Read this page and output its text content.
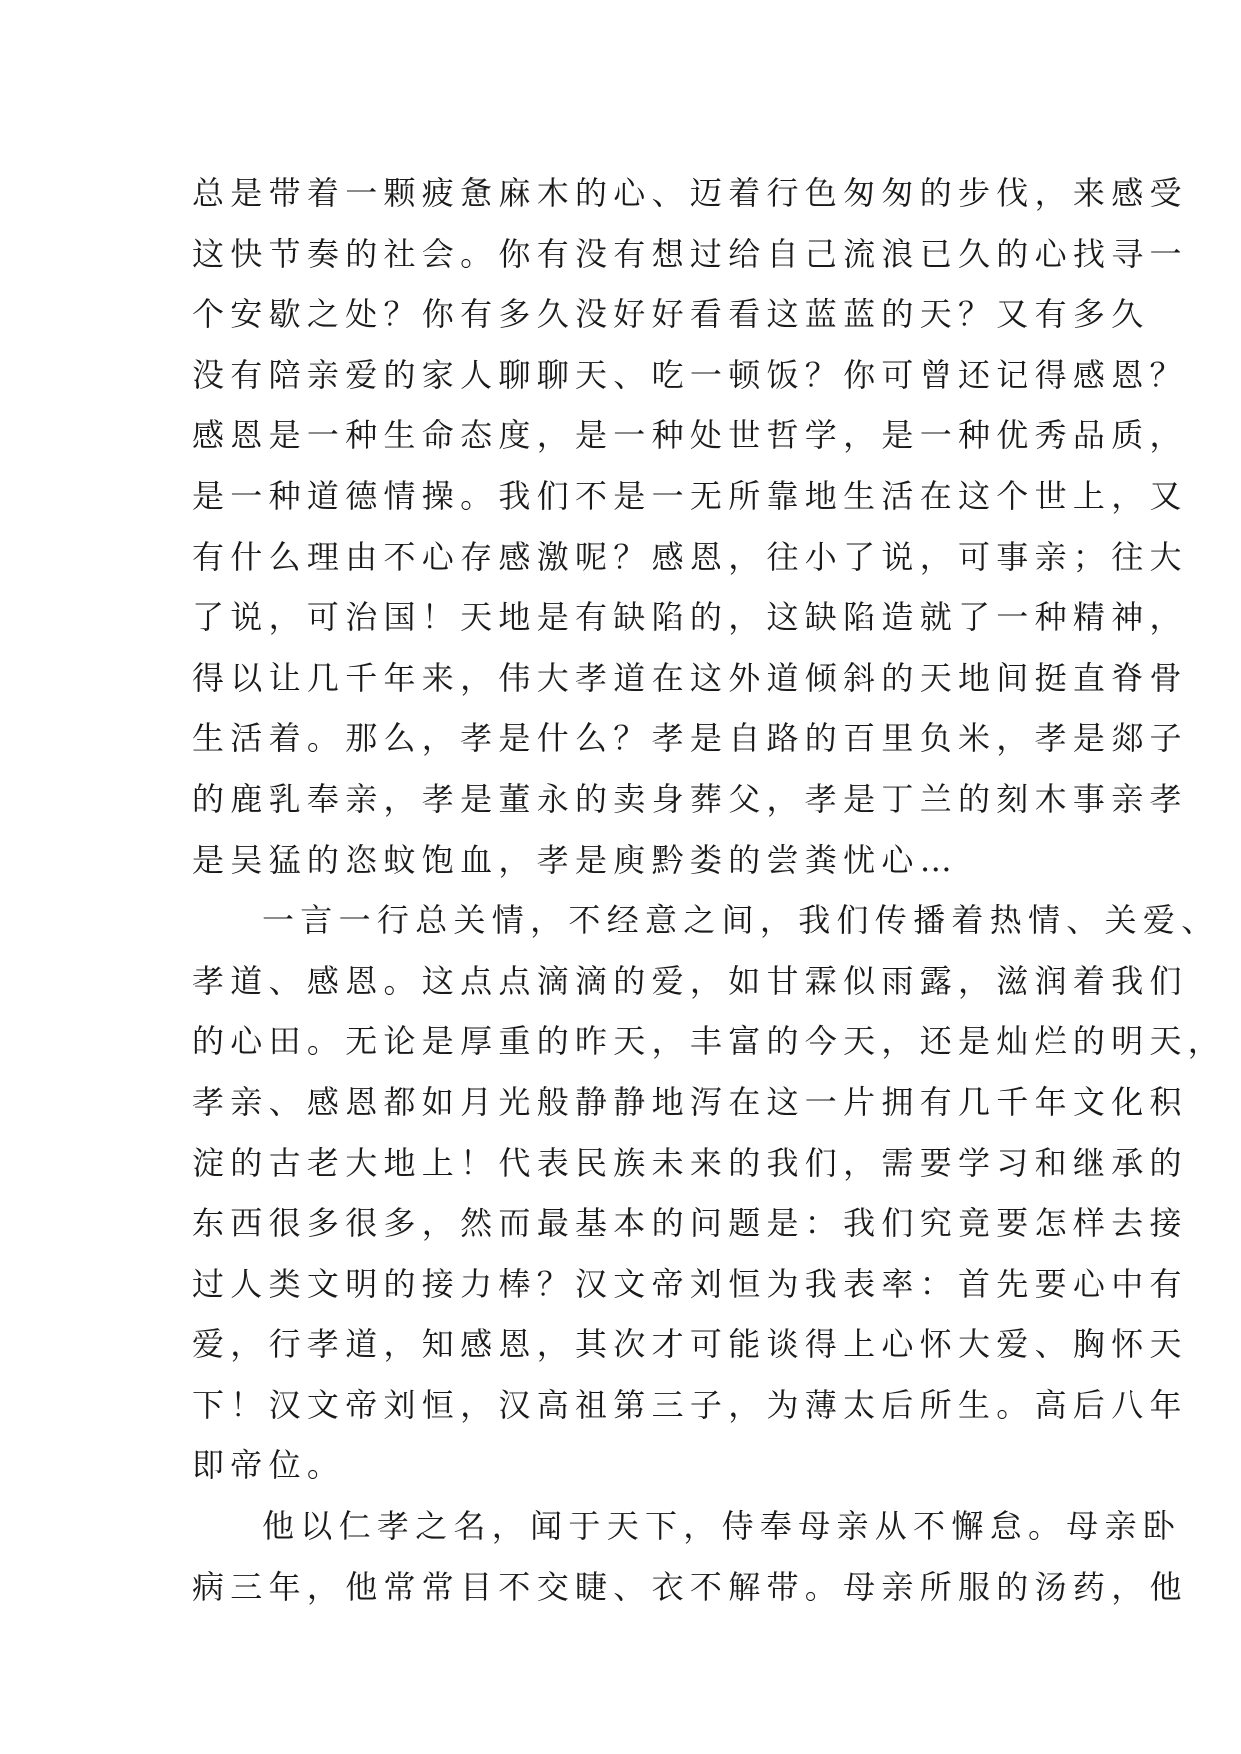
总是带着一颗疲惫麻木的心、迈着行色匆匆的步伐，来感受
这快节奏的社会。你有没有想过给自己流浪已久的心找寻一
个安歇之处？你有多久没好好看看这蓝蓝的天？又有多久
没有陪亲爱的家人聊聊天、吃一顿饭？你可曾还记得感恩？
感恩是一种生命态度，是一种处世哲学，是一种优秀品质，
是一种道德情操。我们不是一无所靠地生活在这个世上，又
有什么理由不心存感激呢？感恩，往小了说，可事亲；往大
了说，可治国！天地是有缺陷的，这缺陷造就了一种精神，
得以让几千年来，伟大孝道在这外道倾斜的天地间挺直脊骨
生活着。那么，孝是什么？孝是自路的百里负米，孝是郯子
的鹿乳奉亲，孝是董永的卖身葬父，孝是丁兰的刻木事亲孝
是吴猛的恣蚊饱血，孝是庾黔娄的尝粪忧心…
一言一行总关情，不经意之间，我们传播着热情、关爱、
孝道、感恩。这点点滴滴的爱，如甘霖似雨露，滋润着我们
的心田。无论是厚重的昨天，丰富的今天，还是灿烂的明天，
孝亲、感恩都如月光般静静地泻在这一片拥有几千年文化积
淀的古老大地上！代表民族未来的我们，需要学习和继承的
东西很多很多，然而最基本的问题是：我们究竟要怎样去接
过人类文明的接力棒？汉文帝刘恒为我表率：首先要心中有
爱，行孝道，知感恩，其次才可能谈得上心怀大爱、胸怀天
下！汉文帝刘恒，汉高祖第三子，为薄太后所生。高后八年
即帝位。
他以仁孝之名，闻于天下，侍奉母亲从不懈怠。母亲卧
病三年，他常常目不交睫、衣不解带。母亲所服的汤药，他
